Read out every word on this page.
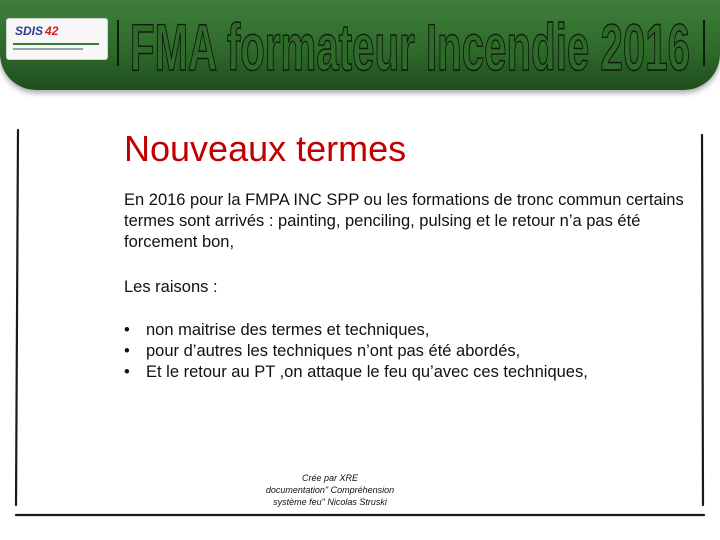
SDIS 42 FMA formateur Incendie 2016
Nouveaux termes

En 2016 pour la FMPA INC SPP ou les formations de tronc commun certains termes sont arrivés : painting, penciling, pulsing et le retour n’a pas été forcement bon,

Les raisons :

• non maitrise des termes et techniques,
• pour d’autres les techniques n’ont pas été abordés,
• Et le retour au PT ,on attaque le feu qu’avec ces techniques,
Crée par XRE
documentation" Compréhension
système feu" Nicolas Struski
